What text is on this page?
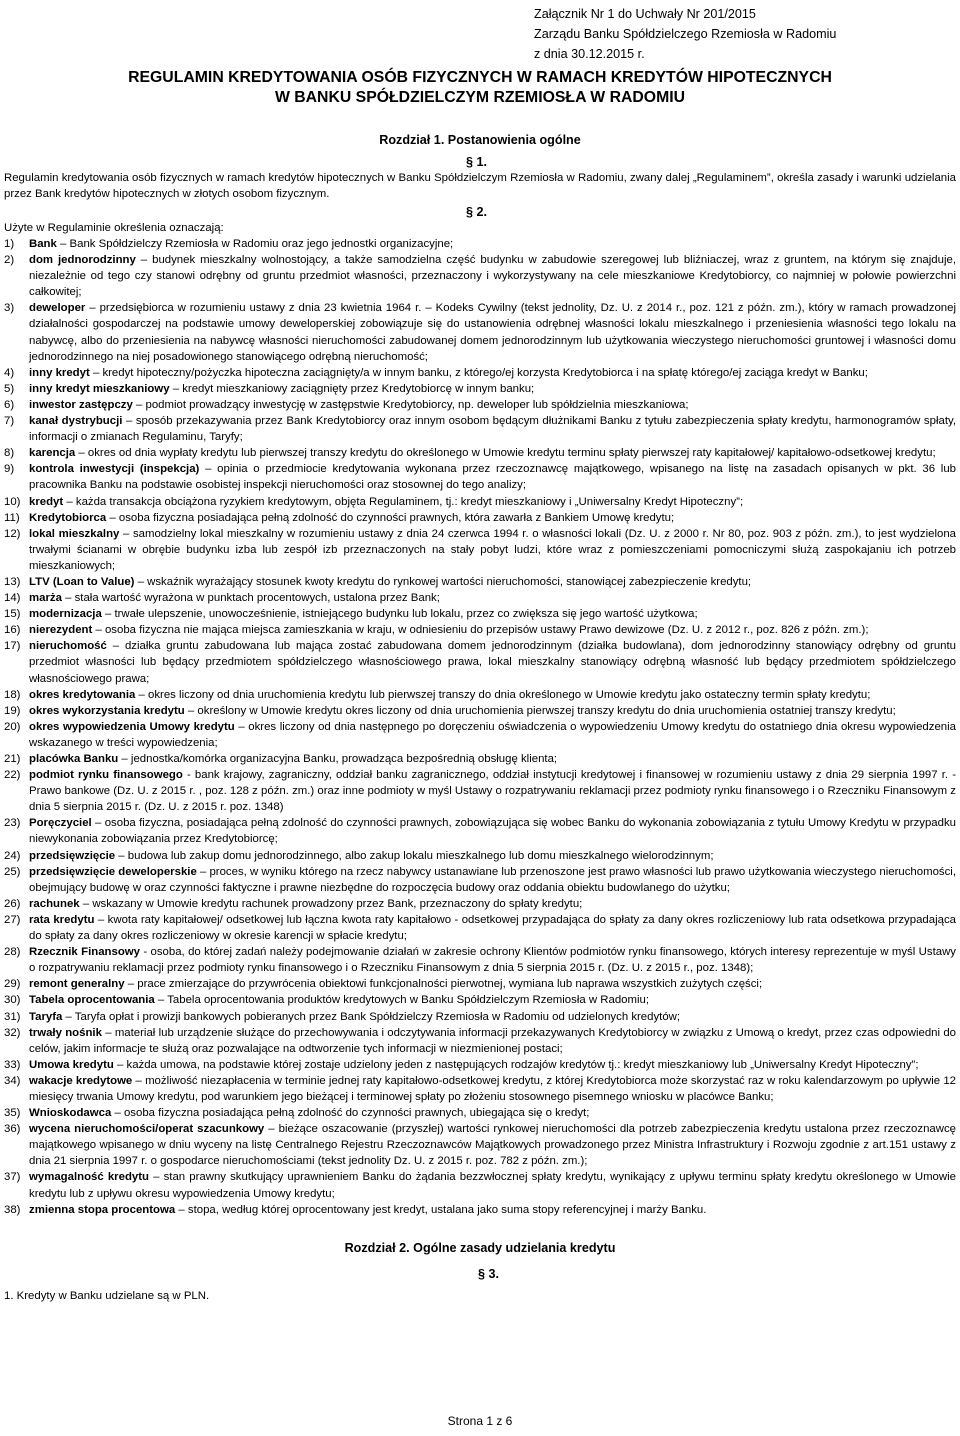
Załącznik Nr 1 do Uchwały Nr 201/2015
Zarządu Banku Spółdzielczego Rzemiosła w Radomiu
z dnia 30.12.2015 r.
REGULAMIN KREDYTOWANIA OSÓB FIZYCZNYCH W RAMACH KREDYTÓW HIPOTECZNYCH
W BANKU SPÓŁDZIELCZYM RZEMIOSŁA W RADOMIU
Rozdział 1. Postanowienia ogólne
§ 1.
Regulamin kredytowania osób fizycznych w ramach kredytów hipotecznych w Banku Spółdzielczym Rzemiosła w Radomiu, zwany dalej „Regulaminem”, określa zasady i warunki udzielania przez Bank kredytów hipotecznych w złotych osobom fizycznym.
§ 2.
Użyte w Regulaminie określenia oznaczają:
1)	Bank – Bank Spółdzielczy Rzemiosła w Radomiu oraz jego jednostki organizacyjne;
2)	dom jednorodzinny – budynek mieszkalny wolnostojący, a także samodzielna część budynku w zabudowie szeregowej lub bliźniaczej, wraz z gruntem, na którym się znajduje, niezależnie od tego czy stanowi odrębny od gruntu przedmiot własności, przeznaczony i wykorzystywany na cele mieszkaniowe Kredytobiorcy, co najmniej w połowie powierzchni całkowitej;
3)	deweloper – przedsiębiorca w rozumieniu ustawy z dnia 23 kwietnia 1964 r. – Kodeks Cywilny (tekst jednolity, Dz. U. z 2014 r., poz. 121 z późn. zm.), który w ramach prowadzonej działalności gospodarczej na podstawie umowy deweloperskiej zobowiązuje się do ustanowienia odrębnej własności lokalu mieszkalnego i przeniesienia własności tego lokalu na nabywcę, albo do przeniesienia na nabywcę własności nieruchomości zabudowanej domem jednorodzinnym lub użytkowania wieczystego nieruchomości gruntowej i własności domu jednorodzinnego na niej posadowionego stanowiącego odrębną nieruchomość;
4)	inny kredyt – kredyt hipoteczny/pożyczka hipoteczna zaciągnięty/a w innym banku, z którego/ej korzysta Kredytobiorca i na spłatę którego/ej zaciąga kredyt w Banku;
5)	inny kredyt mieszkaniowy – kredyt mieszkaniowy zaciągnięty przez Kredytobiorcę w innym banku;
6)	inwestor zastępczy – podmiot prowadzący inwestycję w zastępstwie Kredytobiorcy, np. deweloper lub spółdzielnia mieszkaniowa;
7)	kanał dystrybucji – sposób przekazywania przez Bank Kredytobiorcy oraz innym osobom będącym dłużnikami Banku z tytułu zabezpieczenia spłaty kredytu, harmonogramów spłaty, informacji o zmianach Regulaminu, Taryfy;
8)	karencja – okres od dnia wypłaty kredytu lub pierwszej transzy kredytu do określonego w Umowie kredytu terminu spłaty pierwszej raty kapitałowej/ kapitałowo-odsetkowej kredytu;
9)	kontrola inwestycji (inspekcja) – opinia o przedmiocie kredytowania wykonana przez rzeczoznawcę majątkowego, wpisanego na listę na zasadach opisanych w pkt. 36 lub pracownika Banku na podstawie osobistej inspekcji nieruchomości oraz stosownej do tego analizy;
10) kredyt – każda transakcja obciążona ryzykiem kredytowym, objęta Regulaminem, tj.: kredyt mieszkaniowy i „Uniwersalny Kredyt Hipoteczny”;
11) Kredytobiorca – osoba fizyczna posiadająca pełną zdolność do czynności prawnych, która zawarła z Bankiem Umowę kredytu;
12) lokal mieszkalny – samodzielny lokal mieszkalny w rozumieniu ustawy z dnia 24 czerwca 1994 r. o własności lokali (Dz. U. z 2000 r. Nr 80, poz. 903 z późn. zm.), to jest wydzielona trwałymi ścianami w obrębie budynku izba lub zespół izb przeznaczonych na stały pobyt ludzi, które wraz z pomieszczeniami pomocniczymi służą zaspokajaniu ich potrzeb mieszkaniowych;
13) LTV (Loan to Value) – wskaźnik wyrażający stosunek kwoty kredytu do rynkowej wartości nieruchomości, stanowiącej zabezpieczenie kredytu;
14) marża – stała wartość wyrażona w punktach procentowych, ustalona przez Bank;
15) modernizacja – trwałe ulepszenie, unowocześnienie, istniejącego budynku lub lokalu, przez co zwiększa się jego wartość użytkowa;
16) nierezydent – osoba fizyczna nie mająca miejsca zamieszkania w kraju, w odniesieniu do przepisów ustawy Prawo dewizowe (Dz. U. z 2012 r., poz. 826 z późn. zm.);
17) nieruchomość – działka gruntu zabudowana lub mająca zostać zabudowana domem jednorodzinnym (działka budowlana), dom jednorodzinny stanowiący odrębny od gruntu przedmiot własności lub będący przedmiotem spółdzielczego własnościowego prawa, lokal mieszkalny stanowiący odrębną własność lub będący przedmiotem spółdzielczego własnościowego prawa;
18) okres kredytowania – okres liczony od dnia uruchomienia kredytu lub pierwszej transzy do dnia określonego w Umowie kredytu jako ostateczny termin spłaty kredytu;
19) okres wykorzystania kredytu – określony w Umowie kredytu okres liczony od dnia uruchomienia pierwszej transzy kredytu do dnia uruchomienia ostatniej transzy kredytu;
20) okres wypowiedzenia Umowy kredytu – okres liczony od dnia następnego po doręczeniu oświadczenia o wypowiedzeniu Umowy kredytu do ostatniego dnia okresu wypowiedzenia wskazanego w treści wypowiedzenia;
21) placówka Banku – jednostka/komórka organizacyjna Banku, prowadząca bezpośrednią obsługę klienta;
22) podmiot rynku finansowego - bank krajowy, zagraniczny, oddział banku zagranicznego, oddział instytucji kredytowej i finansowej w rozumieniu ustawy z dnia 29 sierpnia 1997 r. - Prawo bankowe (Dz. U. z 2015 r. , poz. 128 z późn. zm.) oraz inne podmioty w myśl Ustawy o rozpatrywaniu reklamacji przez podmioty rynku finansowego i o Rzeczniku Finansowym z dnia 5 sierpnia 2015 r. (Dz. U. z 2015 r. poz. 1348)
23) Poręczyciel – osoba fizyczna, posiadająca pełną zdolność do czynności prawnych, zobowiązująca się wobec Banku do wykonania zobowiązania z tytułu Umowy Kredytu w przypadku niewykonania zobowiązania przez Kredytobiorcę;
24) przedsięwzięcie – budowa lub zakup domu jednorodzinnego, albo zakup lokalu mieszkalnego lub domu mieszkalnego wielorodzinnym;
25) przedsięwzięcie deweloperskie – proces, w wyniku którego na rzecz nabywcy ustanawiane lub przenoszone jest prawo własności lub prawo użytkowania wieczystego nieruchomości, obejmujący budowę w oraz czynności faktyczne i prawne niezbędne do rozpoczęcia budowy oraz oddania obiektu budowlanego do użytku;
26) rachunek – wskazany w Umowie kredytu rachunek prowadzony przez Bank, przeznaczony do spłaty kredytu;
27) rata kredytu – kwota raty kapitałowej/ odsetkowej lub łączna kwota raty kapitałowo - odsetkowej przypadająca do spłaty za dany okres rozliczeniowy lub rata odsetkowa przypadająca do spłaty za dany okres rozliczeniowy w okresie karencji w spłacie kredytu;
28) Rzecznik Finansowy - osoba, do której zadań należy podejmowanie działań w zakresie ochrony Klientów podmiotów rynku finansowego, których interesy reprezentuje w myśl Ustawy o rozpatrywaniu reklamacji przez podmioty rynku finansowego i o Rzeczniku Finansowym z dnia 5 sierpnia 2015 r. (Dz. U. z 2015 r., poz. 1348);
29) remont generalny – prace zmierzające do przywrócenia obiektowi funkcjonalności pierwotnej, wymiana lub naprawa wszystkich zużytych części;
30) Tabela oprocentowania – Tabela oprocentowania produktów kredytowych w Banku Spółdzielczym Rzemiosła w Radomiu;
31) Taryfa – Taryfa opłat i prowizji bankowych pobieranych przez Bank Spółdzielczy Rzemiosła w Radomiu od udzielonych kredytów;
32) trwały nośnik – materiał lub urządzenie służące do przechowywania i odczytywania informacji przekazywanych Kredytobiorcy w związku z Umową o kredyt, przez czas odpowiedni do celów, jakim informacje te służą oraz pozwalające na odtworzenie tych informacji w niezmienionej postaci;
33) Umowa kredytu – każda umowa, na podstawie której zostaje udzielony jeden z następujących rodzajów kredytów tj.: kredyt mieszkaniowy lub „Uniwersalny Kredyt Hipoteczny”;
34) wakacje kredytowe – możliwość niezapłacenia w terminie jednej raty kapitałowo-odsetkowej kredytu, z której Kredytobiorca może skorzystać raz w roku kalendarzowym po upływie 12 miesięcy trwania Umowy kredytu, pod warunkiem jego bieżącej i terminowej spłaty po złożeniu stosownego pisemnego wniosku w placówce Banku;
35) Wnioskodawca – osoba fizyczna posiadająca pełną zdolność do czynności prawnych, ubiegająca się o kredyt;
36) wycena nieruchomości/operat szacunkowy – bieżące oszacowanie (przyszłej) wartości rynkowej nieruchomości dla potrzeb zabezpieczenia kredytu ustalona przez rzeczoznawcę majątkowego wpisanego w dniu wyceny na listę Centralnego Rejestru Rzeczoznawców Majątkowych prowadzonego przez Ministra Infrastruktury i Rozwoju zgodnie z art.151 ustawy z dnia 21 sierpnia 1997 r. o gospodarce nieruchomościami (tekst jednolity Dz. U. z 2015 r. poz. 782 z późn. zm.);
37) wymagalność kredytu – stan prawny skutkujący uprawnieniem Banku do żądania bezzwłocznej spłaty kredytu, wynikający z upływu terminu spłaty kredytu określonego w Umowie kredytu lub z upływu okresu wypowiedzenia Umowy kredytu;
38) zmienna stopa procentowa – stopa, według której oprocentowany jest kredyt, ustalana jako suma stopy referencyjnej i marży Banku.
Rozdział 2. Ogólne zasady udzielania kredytu
§ 3.
1. Kredyty w Banku udzielane są w PLN.
Strona 1 z 6
